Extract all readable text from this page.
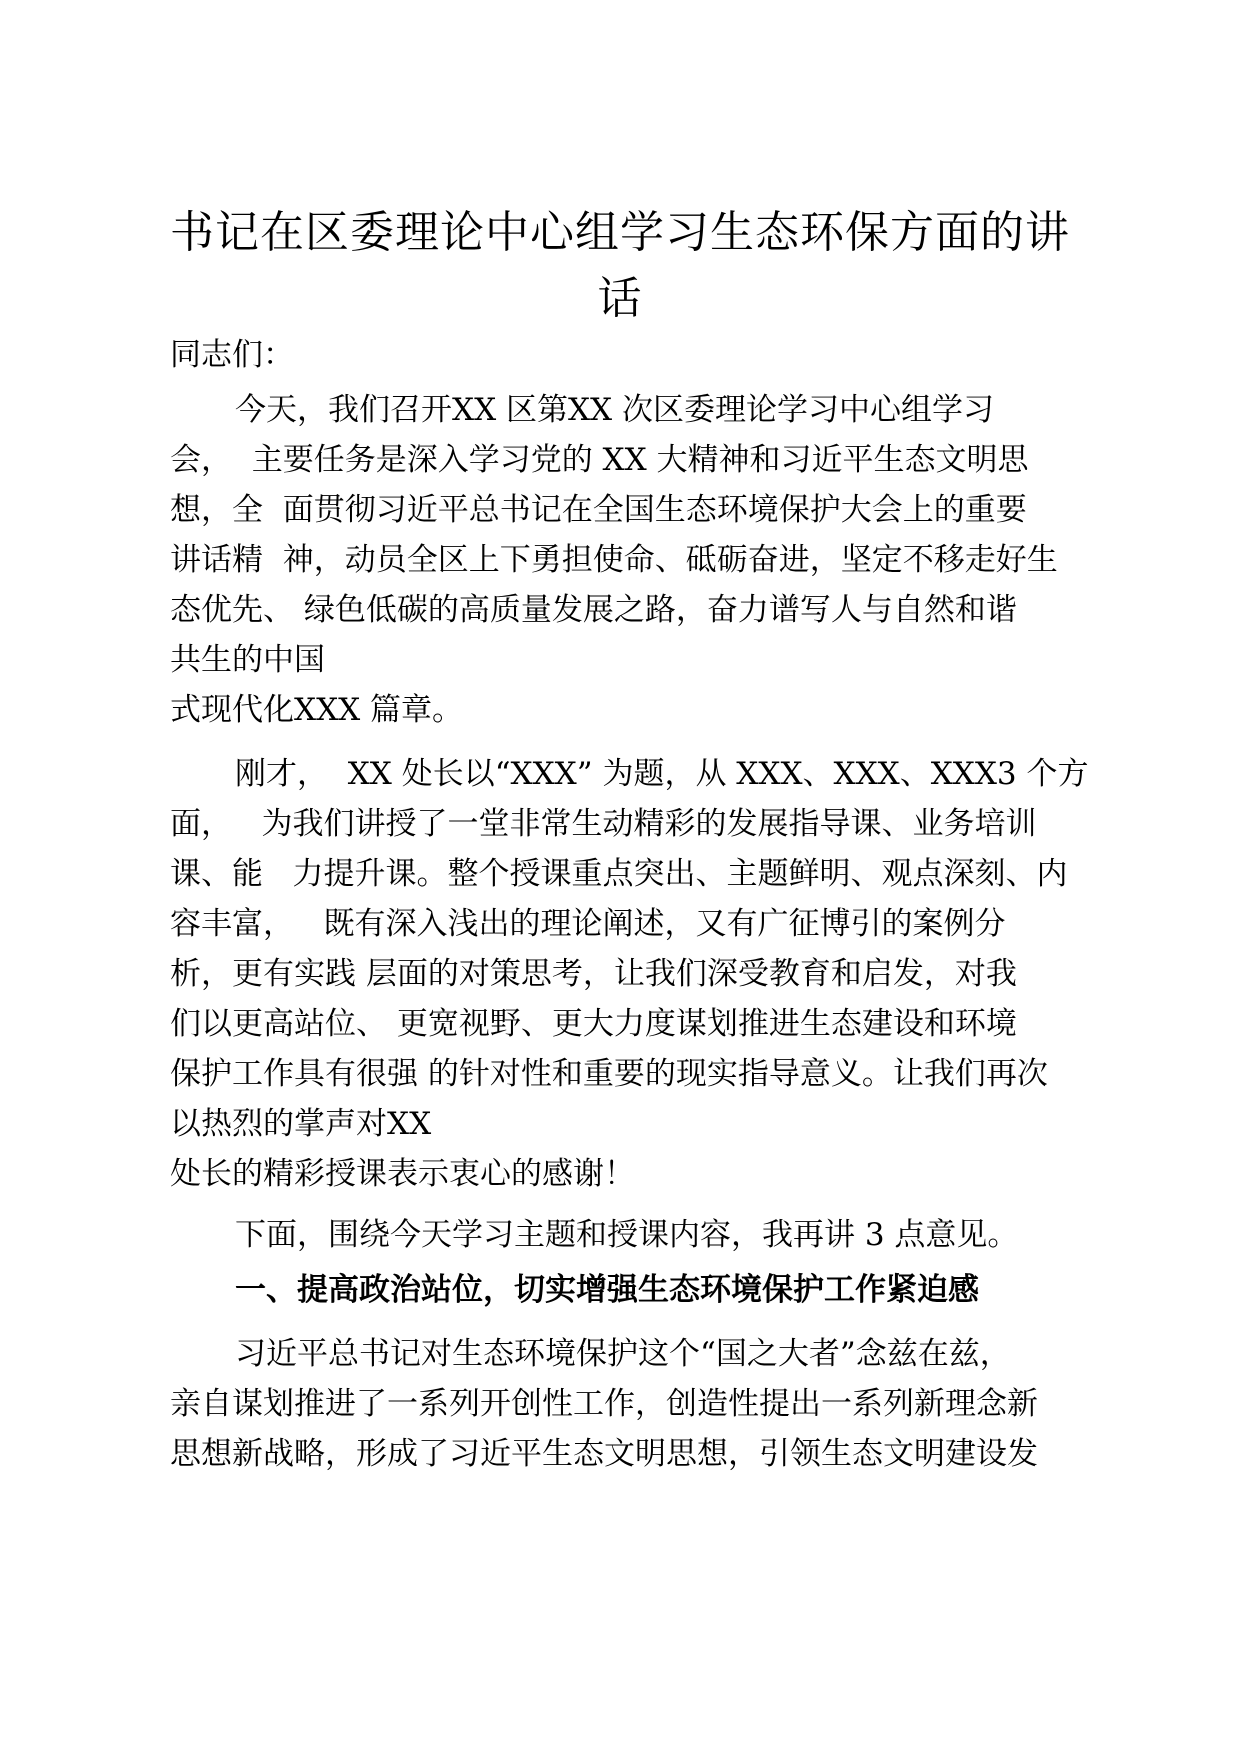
书记在区委理论中心组学习生态环保方面的讲
话
同志们：
今天，我们召开XX 区第XX 次区委理论学习中心组学习
会，  主要任务是深入学习党的 XX 大精神和习近平生态文明思
想，全  面贯彻习近平总书记在全国生态环境保护大会上的重要
讲话精  神，动员全区上下勇担使命、砥砺奋进，坚定不移走好生
态优先、 绿色低碳的高质量发展之路，奋力谱写人与自然和谐
共生的中国
式现代化XXX 篇章。
刚才，  XX 处长以“XXX” 为题，从 XXX、XXX、XXX3 个方
面，   为我们讲授了一堂非常生动精彩的发展指导课、业务培训
课、能   力提升课。整个授课重点突出、主题鲜明、观点深刻、内
容丰富，   既有深入浅出的理论阐述，又有广征博引的案例分
析，更有实践 层面的对策思考，让我们深受教育和启发，对我
们以更高站位、 更宽视野、更大力度谋划推进生态建设和环境
保护工作具有很强 的针对性和重要的现实指导意义。让我们再次
以热烈的掌声对XX
处长的精彩授课表示衷心的感谢！
下面，围绕今天学习主题和授课内容，我再讲 3 点意见。
一、提高政治站位，切实增强生态环境保护工作紧迫感
习近平总书记对生态环境保护这个“国之大者”念兹在兹，
亲自谋划推进了一系列开创性工作，创造性提出一系列新理念新
思想新战略，形成了习近平生态文明思想，引领生态文明建设发
